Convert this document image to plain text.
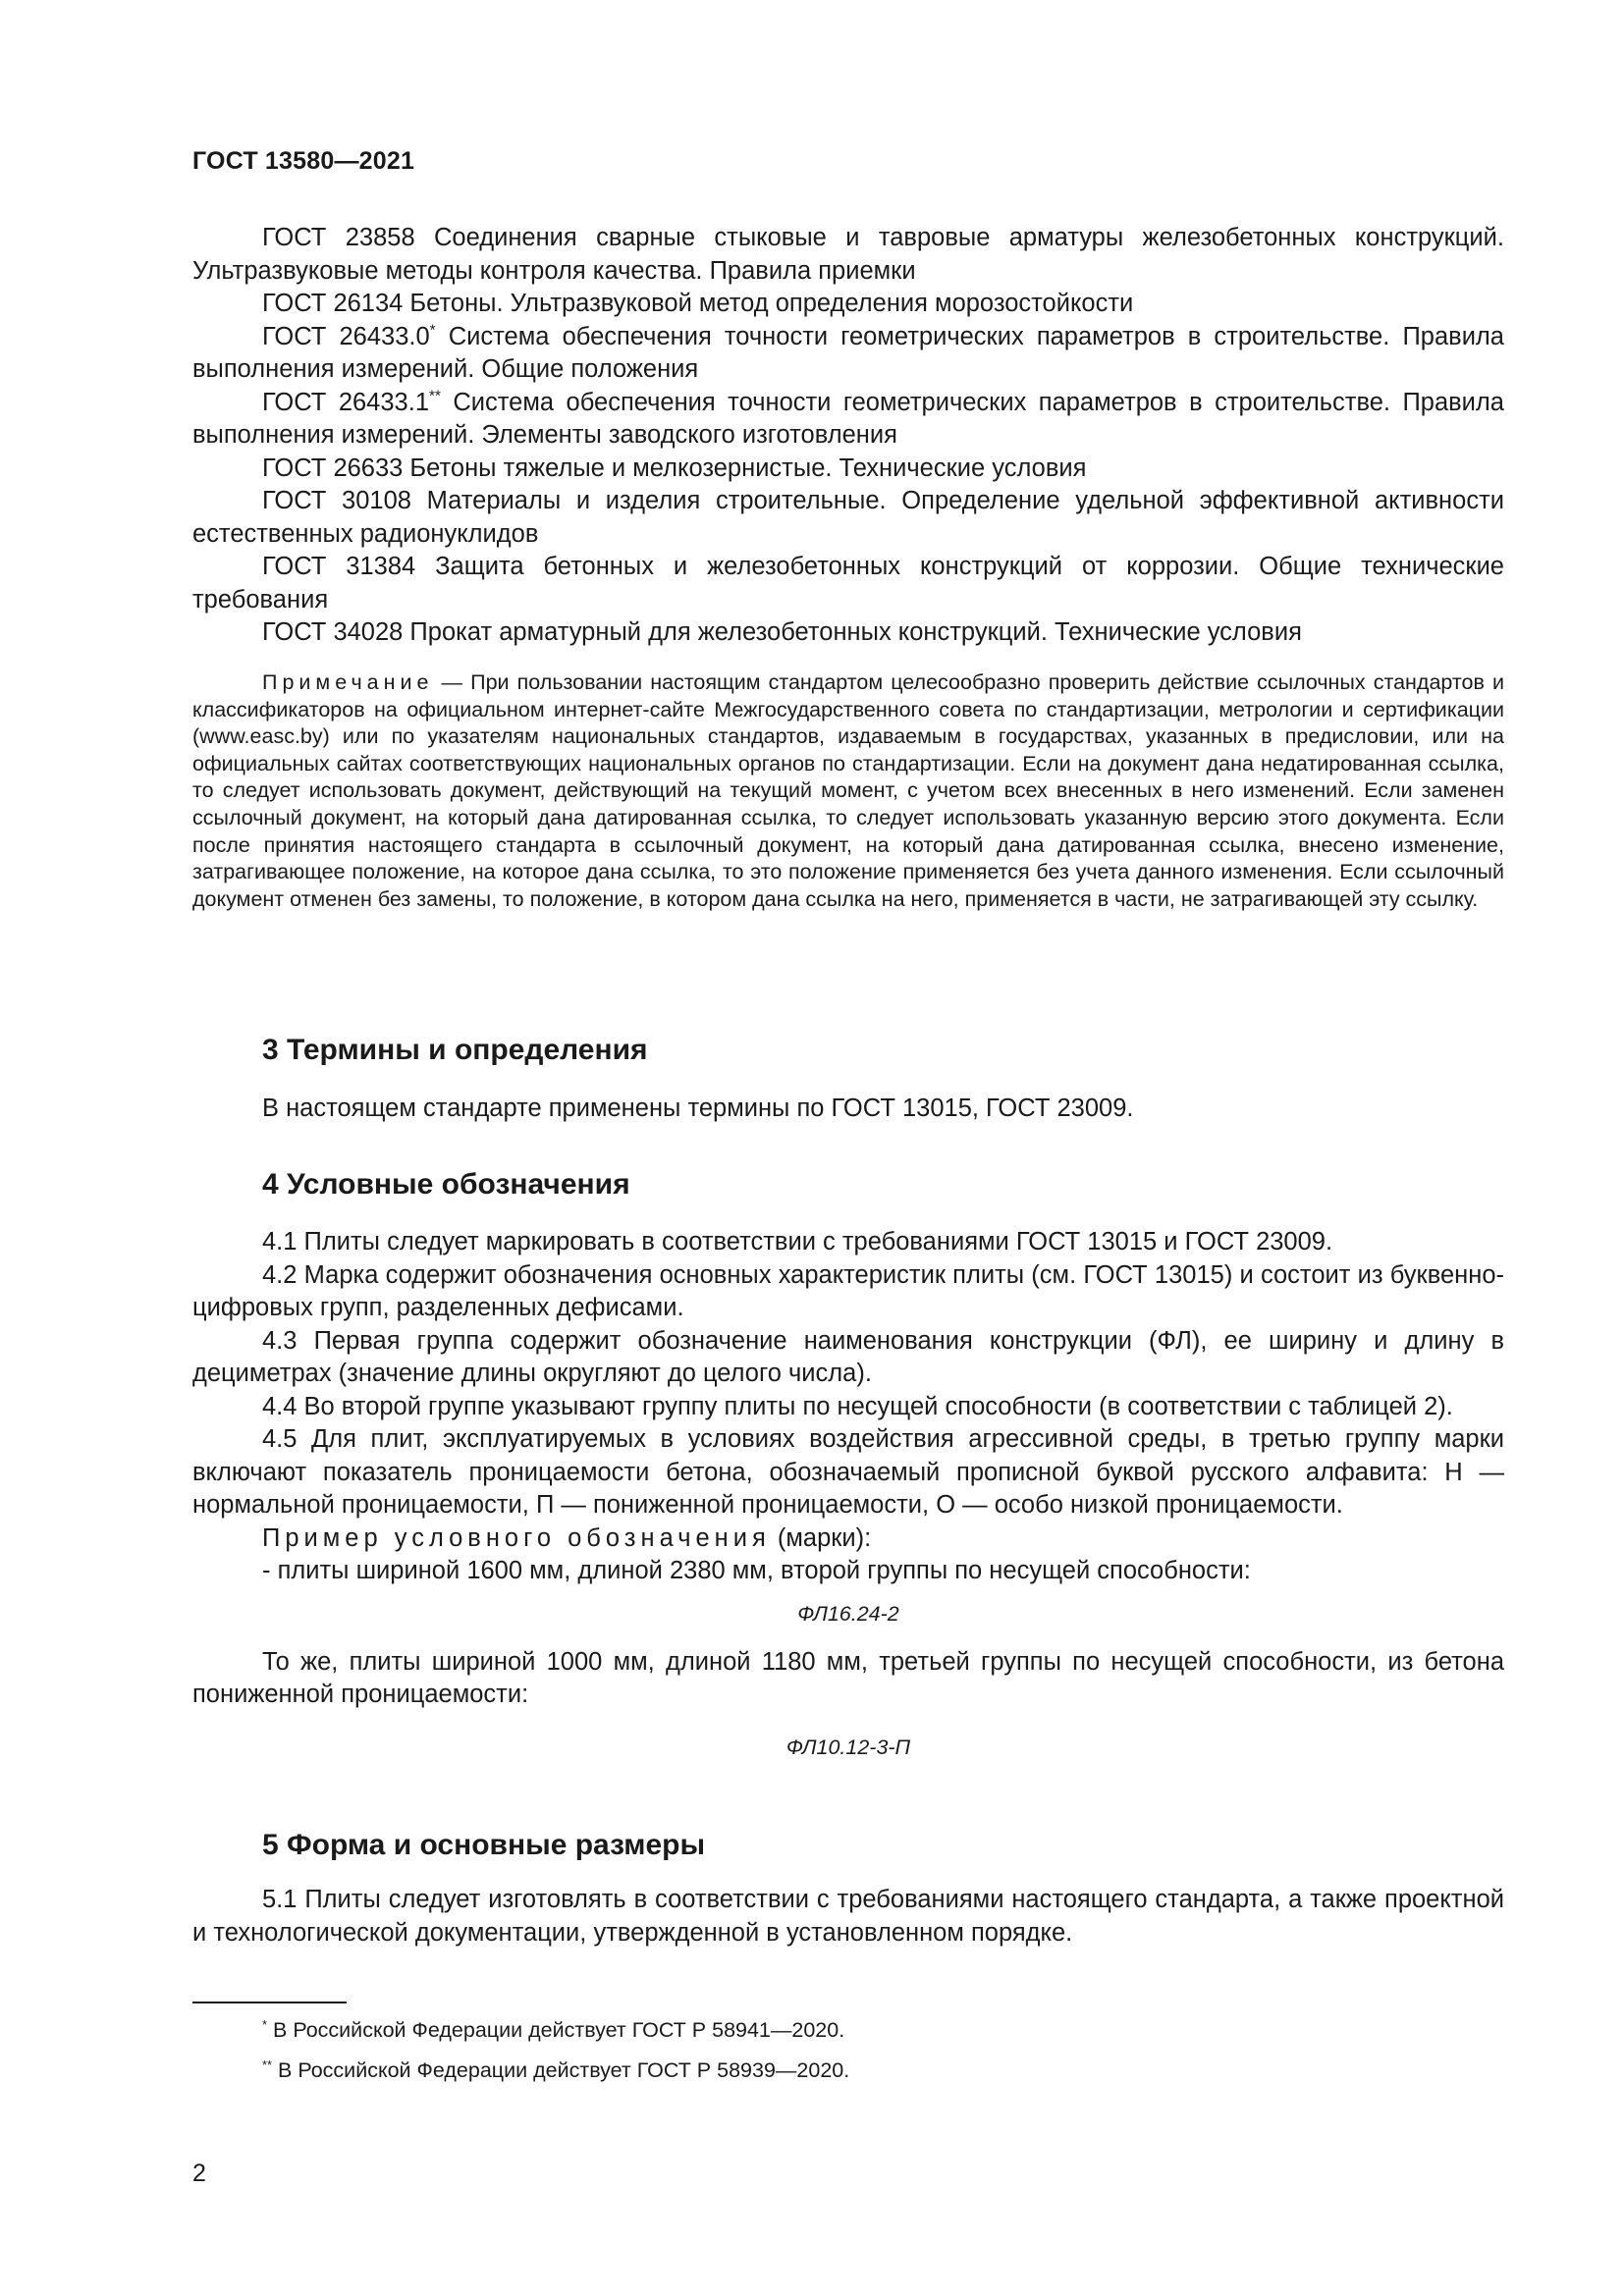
ГОСТ 13580—2021

ГОСТ 23858 Соединения сварные стыковые и тавровые арматуры железобетонных конструкций. Ультразвуковые методы контроля качества. Правила приемки

ГОСТ 26134 Бетоны. Ультразвуковой метод определения морозостойкости

ГОСТ 26433.0* Система обеспечения точности геометрических параметров в строительстве. Правила выполнения измерений. Общие положения

ГОСТ 26433.1** Система обеспечения точности геометрических параметров в строительстве. Правила выполнения измерений. Элементы заводского изготовления

ГОСТ 26633 Бетоны тяжелые и мелкозернистые. Технические условия

ГОСТ 30108 Материалы и изделия строительные. Определение удельной эффективной активности естественных радионуклидов

ГОСТ 31384 Защита бетонных и железобетонных конструкций от коррозии. Общие технические требования

ГОСТ 34028 Прокат арматурный для железобетонных конструкций. Технические условия

Примечание — При пользовании настоящим стандартом целесообразно проверить действие ссылочных стандартов и классификаторов на официальном интернет-сайте Межгосударственного совета по стандартизации, метрологии и сертификации (www.easc.by) или по указателям национальных стандартов, издаваемым в государствах, указанных в предисловии, или на официальных сайтах соответствующих национальных органов по стандартизации. Если на документ дана недатированная ссылка, то следует использовать документ, действующий на текущий момент, с учетом всех внесенных в него изменений. Если заменен ссылочный документ, на который дана датированная ссылка, то следует использовать указанную версию этого документа. Если после принятия настоящего стандарта в ссылочный документ, на который дана датированная ссылка, внесено изменение, затрагивающее положение, на которое дана ссылка, то это положение применяется без учета данного изменения. Если ссылочный документ отменен без замены, то положение, в котором дана ссылка на него, применяется в части, не затрагивающей эту ссылку.

3 Термины и определения

В настоящем стандарте применены термины по ГОСТ 13015, ГОСТ 23009.

4 Условные обозначения

4.1 Плиты следует маркировать в соответствии с требованиями ГОСТ 13015 и ГОСТ 23009.

4.2 Марка содержит обозначения основных характеристик плиты (см. ГОСТ 13015) и состоит из буквенно-цифровых групп, разделенных дефисами.

4.3 Первая группа содержит обозначение наименования конструкции (ФЛ), ее ширину и длину в дециметрах (значение длины округляют до целого числа).

4.4 Во второй группе указывают группу плиты по несущей способности (в соответствии с таблицей 2).

4.5 Для плит, эксплуатируемых в условиях воздействия агрессивной среды, в третью группу марки включают показатель проницаемости бетона, обозначаемый прописной буквой русского алфавита: Н — нормальной проницаемости, П — пониженной проницаемости, О — особо низкой проницаемости.

Пример условного обозначения (марки):

- плиты шириной 1600 мм, длиной 2380 мм, второй группы по несущей способности:

ФЛ16.24-2

То же, плиты шириной 1000 мм, длиной 1180 мм, третьей группы по несущей способности, из бетона пониженной проницаемости:

ФЛ10.12-3-П

5 Форма и основные размеры

5.1 Плиты следует изготовлять в соответствии с требованиями настоящего стандарта, а также проектной и технологической документации, утвержденной в установленном порядке.

* В Российской Федерации действует ГОСТ Р 58941—2020.

** В Российской Федерации действует ГОСТ Р 58939—2020.

2
